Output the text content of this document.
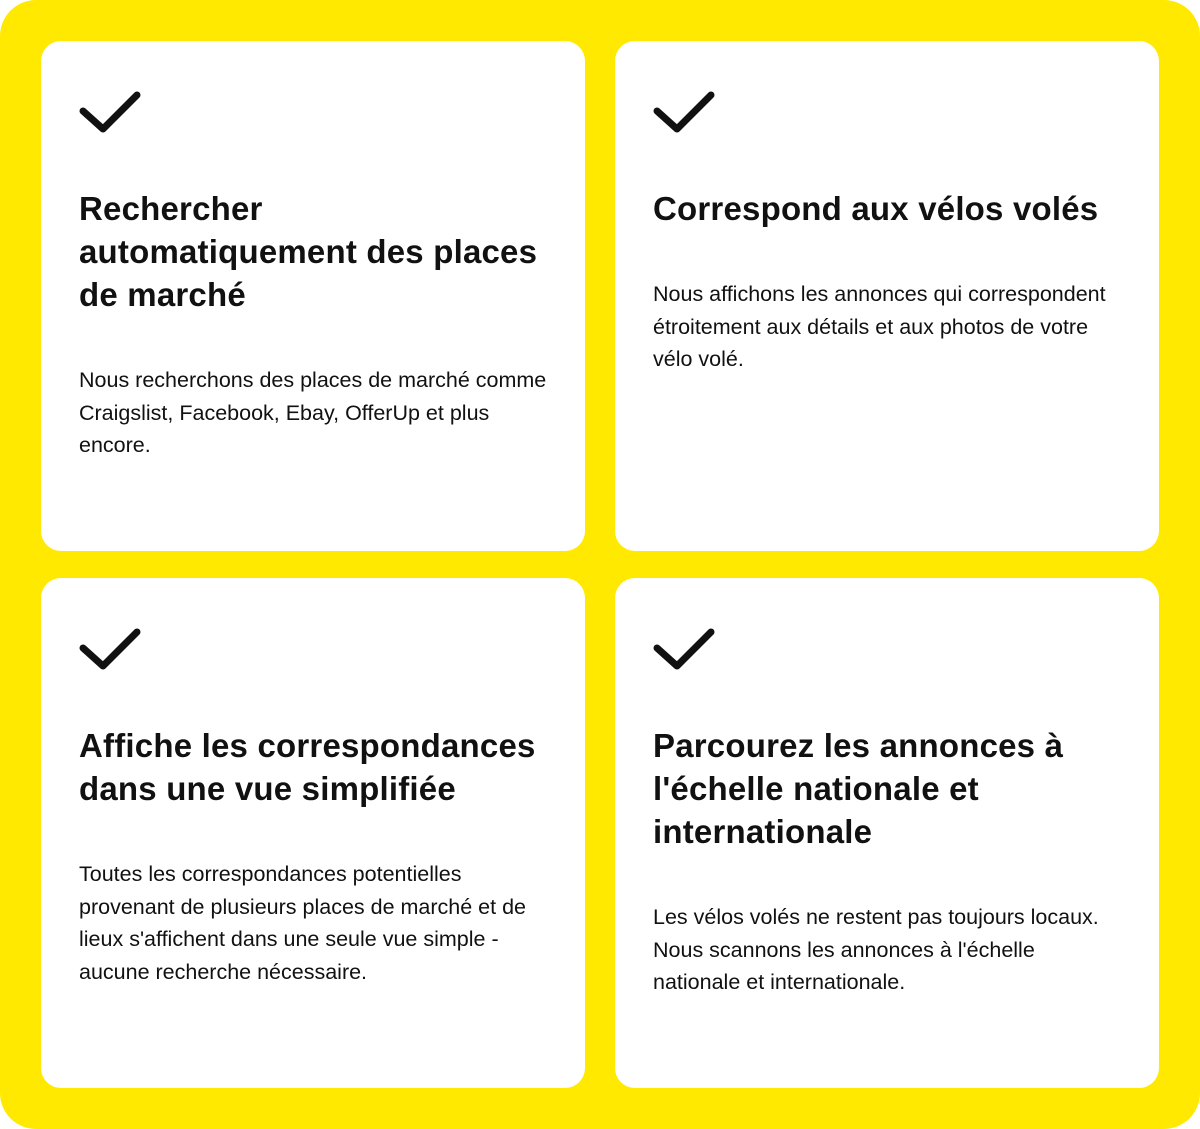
Rechercher automatiquement des places de marché
Nous recherchons des places de marché comme Craigslist, Facebook, Ebay, OfferUp et plus encore.
Correspond aux vélos volés
Nous affichons les annonces qui correspondent étroitement aux détails et aux photos de votre vélo volé.
Affiche les correspondances dans une vue simplifiée
Toutes les correspondances potentielles provenant de plusieurs places de marché et de lieux s'affichent dans une seule vue simple - aucune recherche nécessaire.
Parcourez les annonces à l'échelle nationale et internationale
Les vélos volés ne restent pas toujours locaux. Nous scannons les annonces à l'échelle nationale et internationale.
